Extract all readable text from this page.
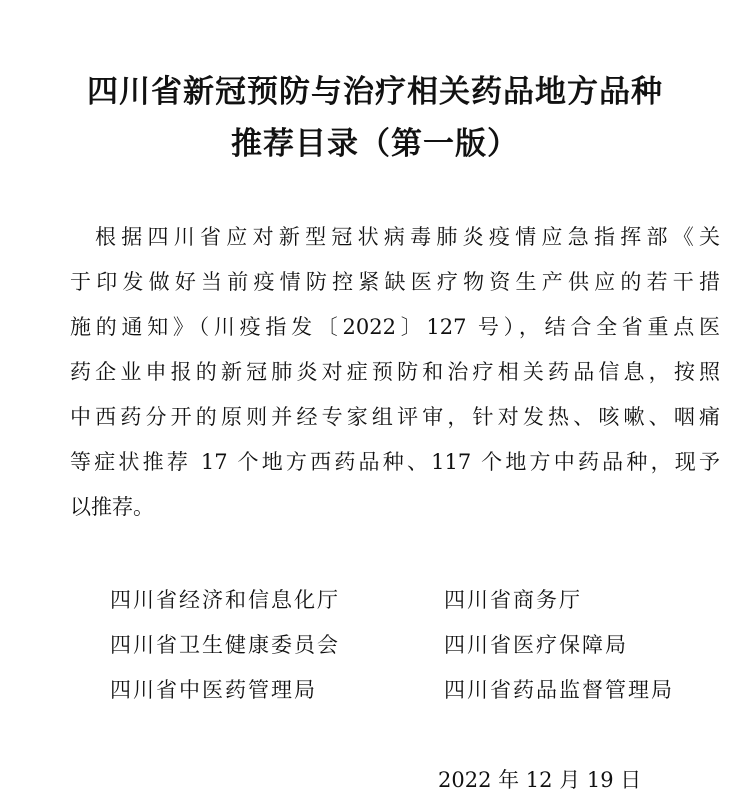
四川省新冠预防与治疗相关药品地方品种
推荐目录（第一版）
根据四川省应对新型冠状病毒肺炎疫情应急指挥部《关
于印发做好当前疫情防控紧缺医疗物资生产供应的若干措
施的通知》（川疫指发〔2022〕127 号），结合全省重点医
药企业申报的新冠肺炎对症预防和治疗相关药品信息，按照
中西药分开的原则并经专家组评审，针对发热、咳嗽、咽痛
等症状推荐 17 个地方西药品种、117 个地方中药品种，现予
以推荐。
四川省经济和信息化厅	四川省商务厅
四川省卫生健康委员会	四川省医疗保障局
四川省中医药管理局	四川省药品监督管理局
2022 年 12 月 19 日
